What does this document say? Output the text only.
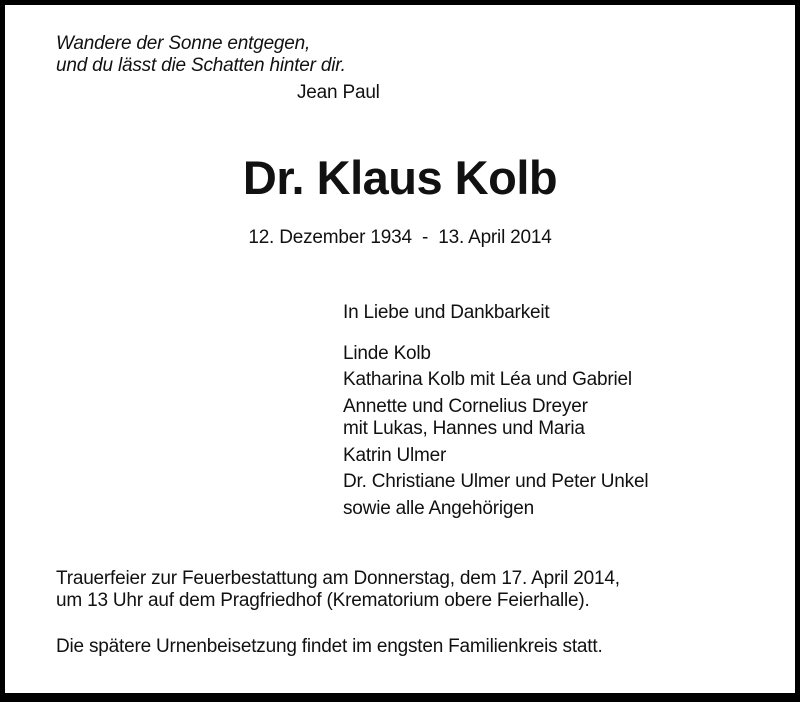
Wandere der Sonne entgegen,
und du lässt die Schatten hinter dir.
Jean Paul
Dr. Klaus Kolb
12. Dezember 1934  -  13. April 2014
In Liebe und Dankbarkeit
Linde Kolb
Katharina Kolb mit Léa und Gabriel
Annette und Cornelius Dreyer
mit Lukas, Hannes und Maria
Katrin Ulmer
Dr. Christiane Ulmer und Peter Unkel
sowie alle Angehörigen
Trauerfeier zur Feuerbestattung am Donnerstag, dem 17. April 2014,
um 13 Uhr auf dem Pragfriedhof (Krematorium obere Feierhalle).
Die spätere Urnenbeisetzung findet im engsten Familienkreis statt.
